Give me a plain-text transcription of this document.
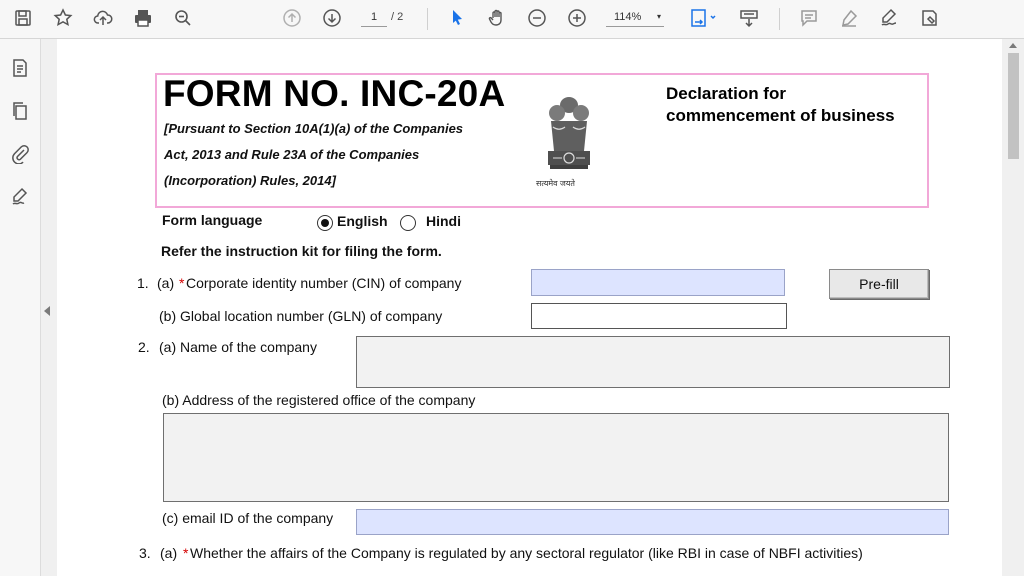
1	/ 2	114% ▾
FORM NO. INC-20A
[Pursuant to Section 10A(1)(a) of the Companies
Act, 2013 and Rule 23A of the Companies
(Incorporation) Rules, 2014]	सत्यमेव जयते
Declaration for
commencement of business
Form language	English	Hindi
Refer the instruction kit for filing the form.
1. (a) * Corporate identity number (CIN) of company	Pre-fill
(b) Global location number (GLN) of company
2. (a) Name of the company
(b) Address of the registered office of the company
(c) email ID of the company
3. (a) * Whether the affairs of the Company is regulated by any sectoral regulator (like RBI in case of NBFI activities)
